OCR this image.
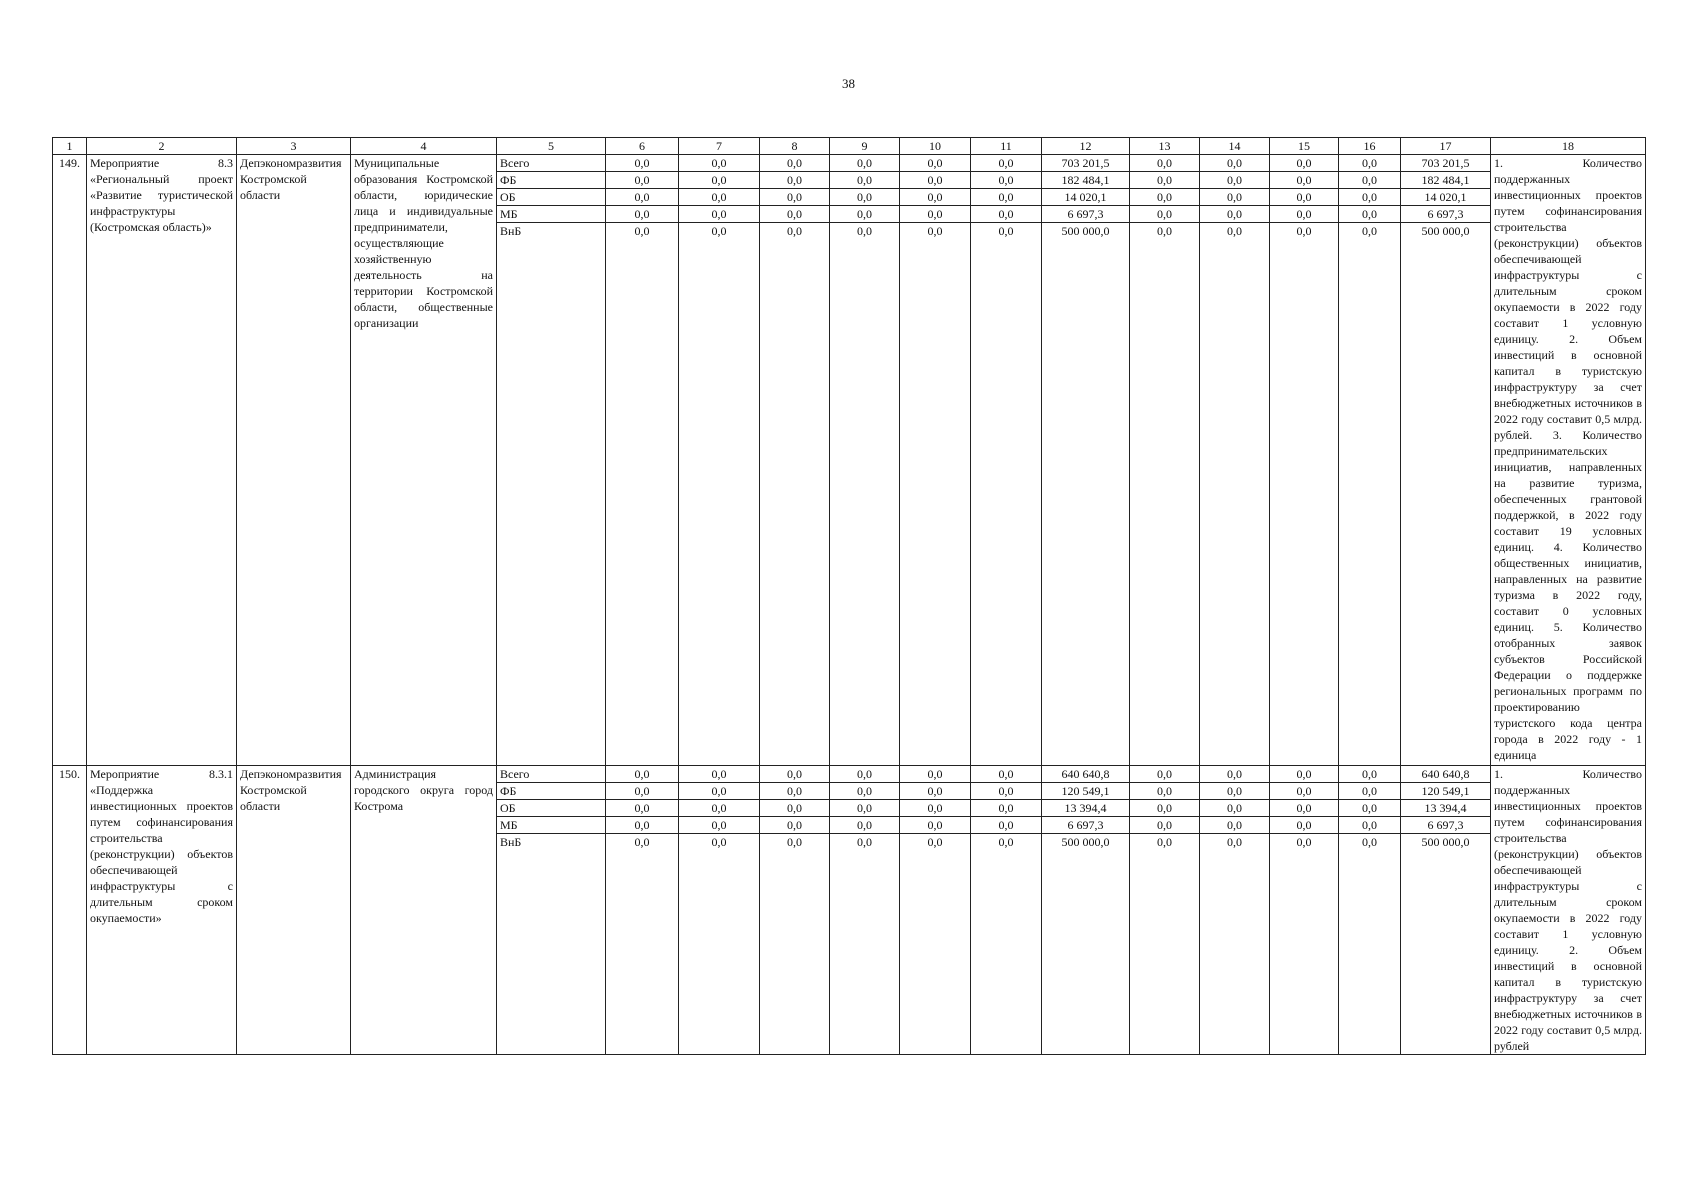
38
1	2	3	4	5	6	7	8	9	10	11	12	13	14	15	16	17	18
149.	Мероприятие 8.3 «Региональный проект «Развитие туристической инфраструктуры (Костромская область)»	Депэкономразвития Костромской области	Муниципальные образования Костромской области, юридические лица и индивидуальные предприниматели, осуществляющие хозяйственную деятельность на территории Костромской области, общественные организации	Всего	0,0	0,0	0,0	0,0	0,0	0,0	703 201,5	0,0	0,0	0,0	0,0	703 201,5	1. Количество поддержанных инвестиционных проектов путем софинансирования строительства (реконструкции) объектов обеспечивающей инфраструктуры с длительным сроком окупаемости в 2022 году составит 1 условную единицу. 2. Объем инвестиций в основной капитал в туристскую инфраструктуру за счет внебюджетных источников в 2022 году составит 0,5 млрд. рублей. 3. Количество предпринимательских инициатив, направленных на развитие туризма, обеспеченных грантовой поддержкой, в 2022 году составит 19 условных единиц. 4. Количество общественных инициатив, направленных на развитие туризма в 2022 году, составит 0 условных единиц. 5. Количество отобранных заявок субъектов Российской Федерации о поддержке региональных программ по проектированию туристского кода центра города в 2022 году - 1 единица
				ФБ	0,0	0,0	0,0	0,0	0,0	0,0	182 484,1	0,0	0,0	0,0	0,0	182 484,1	
				ОБ	0,0	0,0	0,0	0,0	0,0	0,0	14 020,1	0,0	0,0	0,0	0,0	14 020,1	
				МБ	0,0	0,0	0,0	0,0	0,0	0,0	6 697,3	0,0	0,0	0,0	0,0	6 697,3	
				ВнБ	0,0	0,0	0,0	0,0	0,0	0,0	500 000,0	0,0	0,0	0,0	0,0	500 000,0	
150.	Мероприятие 8.3.1 «Поддержка инвестиционных проектов путем софинансирования строительства (реконструкции) объектов обеспечивающей инфраструктуры с длительным сроком окупаемости»	Депэкономразвития Костромской области	Администрация городского округа город Кострома	Всего	0,0	0,0	0,0	0,0	0,0	0,0	640 640,8	0,0	0,0	0,0	0,0	640 640,8	1. Количество поддержанных инвестиционных проектов путем софинансирования строительства (реконструкции) объектов обеспечивающей инфраструктуры с длительным сроком окупаемости в 2022 году составит 1 условную единицу. 2. Объем инвестиций в основной капитал в туристскую инфраструктуру за счет внебюджетных источников в 2022 году составит 0,5 млрд. рублей
				ФБ	0,0	0,0	0,0	0,0	0,0	0,0	120 549,1	0,0	0,0	0,0	0,0	120 549,1	
				ОБ	0,0	0,0	0,0	0,0	0,0	0,0	13 394,4	0,0	0,0	0,0	0,0	13 394,4	
				МБ	0,0	0,0	0,0	0,0	0,0	0,0	6 697,3	0,0	0,0	0,0	0,0	6 697,3	
				ВнБ	0,0	0,0	0,0	0,0	0,0	0,0	500 000,0	0,0	0,0	0,0	0,0	500 000,0	
